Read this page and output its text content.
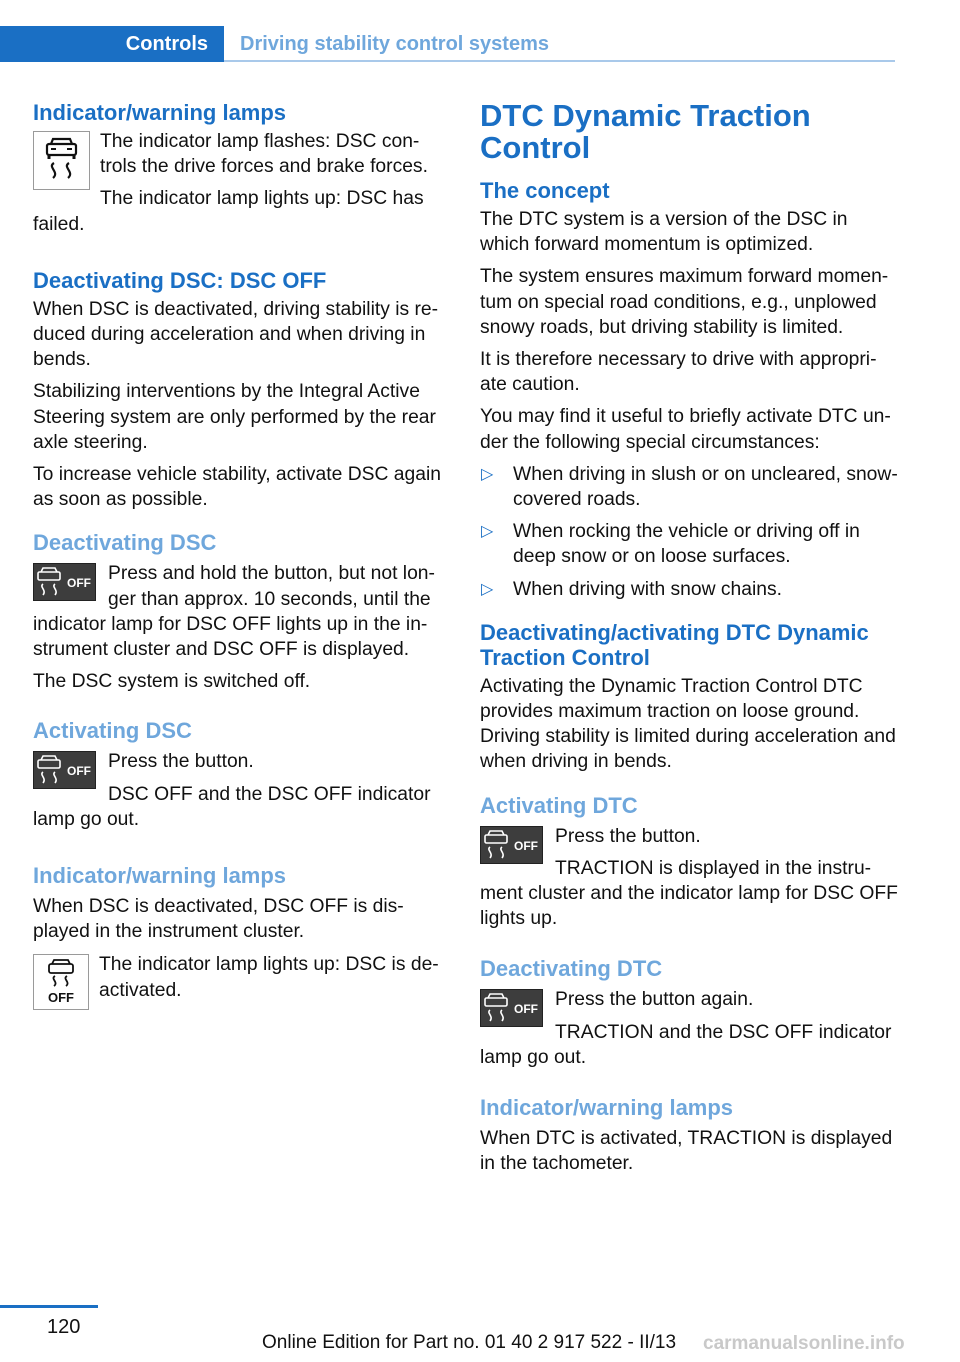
Controls	Driving stability control systems
Indicator/warning lamps

The indicator lamp flashes: DSC con-trols the drive forces and brake forces.

The indicator lamp lights up: DSC has failed.

Deactivating DSC: DSC OFF

When DSC is deactivated, driving stability is re-duced during acceleration and when driving in bends.

Stabilizing interventions by the Integral Active Steering system are only performed by the rear axle steering.

To increase vehicle stability, activate DSC again as soon as possible.

Deactivating DSC
OFF Press and hold the button, but not lon-ger than approx. 10 seconds, until the indicator lamp for DSC OFF lights up in the in-strument cluster and DSC OFF is displayed.

The DSC system is switched off.

Activating DSC
OFF Press the button.

DSC OFF and the DSC OFF indicator lamp go out.

Indicator/warning lamps

When DSC is deactivated, DSC OFF is dis-played in the instrument cluster.

OFF

The indicator lamp lights up: DSC is de-activated.

DTC Dynamic Traction Control
The concept

The DTC system is a version of the DSC in which forward momentum is optimized.

The system ensures maximum forward momen-tum on special road conditions, e.g., unplowed snowy roads, but driving stability is limited.

It is therefore necessary to drive with appropri-ate caution.

You may find it useful to briefly activate DTC un-der the following special circumstances:

▷ When driving in slush or on uncleared, snow-covered roads.
▷ When rocking the vehicle or driving off in deep snow or on loose surfaces.
▷ When driving with snow chains.
Deactivating/activating DTC Dynamic Traction Control

Activating the Dynamic Traction Control DTC provides maximum traction on loose ground. Driving stability is limited during acceleration and when driving in bends.

Activating DTC
OFF Press the button.

TRACTION is displayed in the instru-ment cluster and the indicator lamp for DSC OFF lights up.

Deactivating DTC
OFF Press the button again.

TRACTION and the DSC OFF indicator lamp go out.

Indicator/warning lamps

When DTC is activated, TRACTION is displayed in the tachometer.

120
Online Edition for Part no. 01 40 2 917 522 - II/13 carmanualsonline.info
